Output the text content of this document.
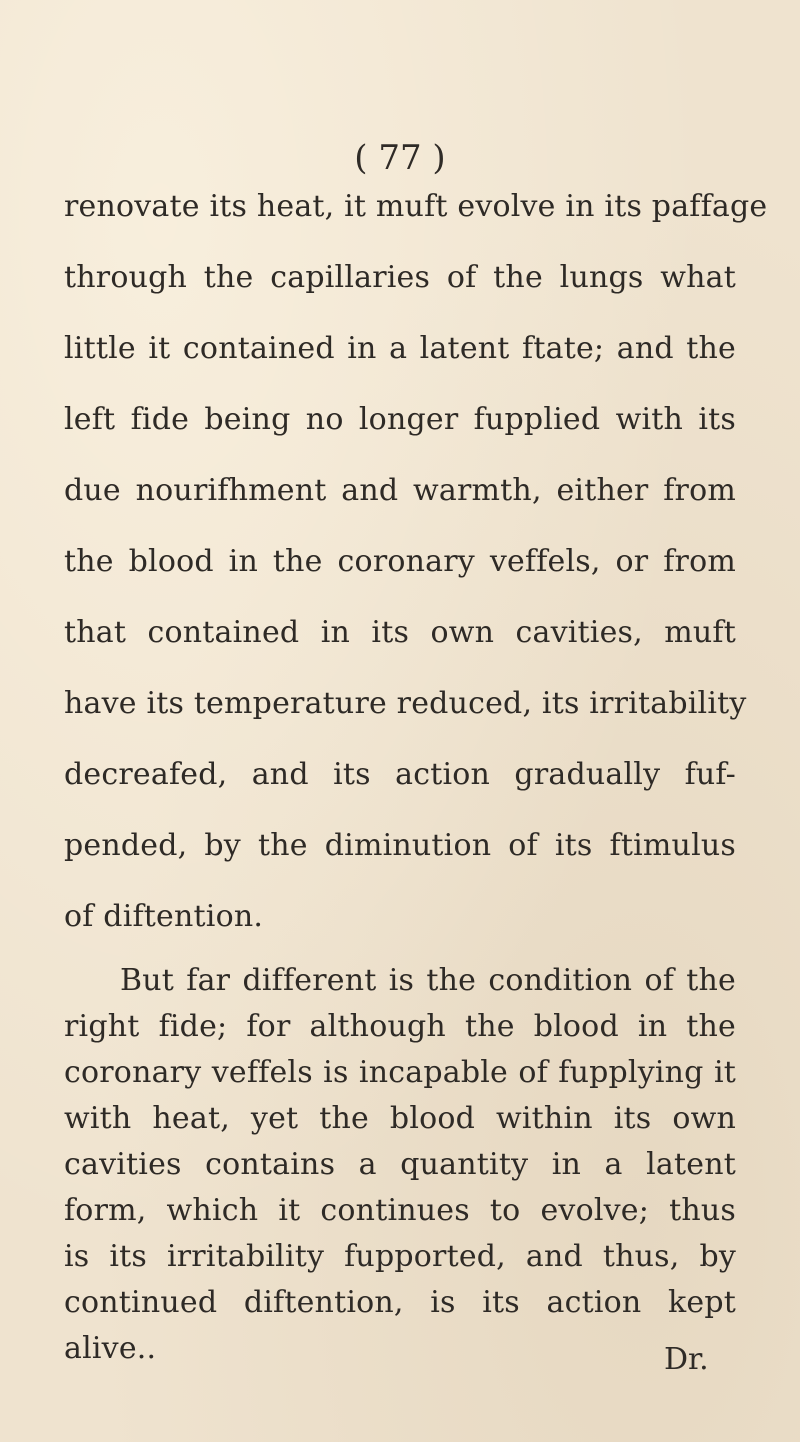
( 77 )
renovate its heat, it muft evolve in its paffage
through the capillaries of the lungs what
little it contained in a latent ftate; and the
left fide being no longer fupplied with its
due nourifhment and warmth, either from
the blood in the coronary veffels, or from
that contained in its own cavities, muft
have its temperature reduced, its irritability
decreafed, and its action gradually fuf-
pended, by the diminution of its ftimulus
of diftention.
But far different is the condition of the
right fide; for although the blood in the
coronary veffels is incapable of fupplying it
with heat, yet the blood within its own
cavities contains a quantity in a latent
form, which it continues to evolve; thus
is its irritability fupported, and thus, by
continued diftention, is its action kept
alive..	Dr.
